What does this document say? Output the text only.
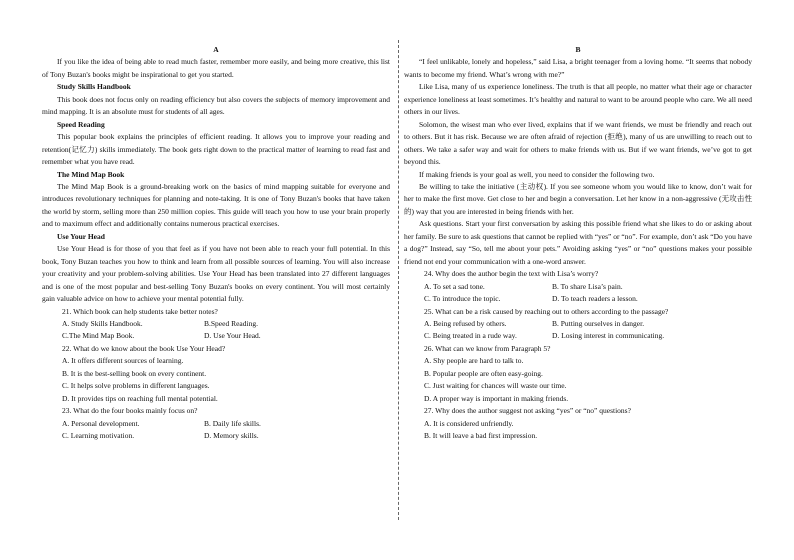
A

If you like the idea of being able to read much faster, remember more easily, and being more creative, this list of Tony Buzan's books might be inspirational to get you started.

Study Skills Handbook

This book does not focus only on reading efficiency but also covers the subjects of memory improvement and mind mapping. It is an absolute must for students of all ages.

Speed Reading

This popular book explains the principles of efficient reading. It allows you to improve your reading and retention(记忆力) skills immediately. The book gets right down to the practical matter of learning to read fast and remember what you have read.

The Mind Map Book

The Mind Map Book is a ground-breaking work on the basics of mind mapping suitable for everyone and introduces revolutionary techniques for planning and note-taking. It is one of Tony Buzan's books that have taken the world by storm, selling more than 250 million copies. This guide will teach you how to use your brain properly and to maximum effect and additionally contains numerous practical exercises.

Use Your Head

Use Your Head is for those of you that feel as if you have not been able to reach your full potential. In this book, Tony Buzan teaches you how to think and learn from all possible sources of learning. You will also increase your creativity and your problem-solving abilities. Use Your Head has been translated into 27 different languages and is one of the most popular and best-selling Tony Buzan's books on every continent. You will most certainly gain valuable advice on how to achieve your mental potential fully.

21. Which book can help students take better notes?
A. Study Skills Handbook.	B.Speed Reading.
C.The Mind Map Book.	D. Use Your Head.
22. What do we know about the book Use Your Head?
A. It offers different sources of learning.
B. It is the best-selling book on every continent.
C. It helps solve problems in different languages.
D. It provides tips on reaching full mental potential.
23. What do the four books mainly focus on?
A. Personal development.	B. Daily life skills.
C. Learning motivation.	D. Memory skills.
B

“I feel unlikable, lonely and hopeless,” said Lisa, a bright teenager from a loving home. “It seems that nobody wants to become my friend. What’s wrong with me?”

Like Lisa, many of us experience loneliness. The truth is that all people, no matter what their age or character experience loneliness at least sometimes. It’s healthy and natural to want to be around people who care. We all need others in our lives.

Solomon, the wisest man who ever lived, explains that if we want friends, we must be friendly and reach out to others. But it has risk. Because we are often afraid of rejection (拒绝), many of us are unwilling to reach out to others. We take a safer way and wait for others to make friends with us. But if we want friends, we’ve got to get beyond this.

If making friends is your goal as well, you need to consider the following two.

Be willing to take the initiative (主动权). If you see someone whom you would like to know, don’t wait for her to make the first move. Get close to her and begin a conversation. Let her know in a non-aggressive (无攻击性的) way that you are interested in being friends with her.

Ask questions. Start your first conversation by asking this possible friend what she likes to do or asking about her family. Be sure to ask questions that cannot be replied with “yes” or “no”. For example, don’t ask “Do you have a dog?” Instead, say “So, tell me about your pets.” Avoiding asking “yes” or “no” questions makes your possible friend not end your communication with a one-word answer.

24. Why does the author begin the text with Lisa’s worry?
A. To set a sad tone.	B. To share Lisa’s pain.
C. To introduce the topic.	D. To teach readers a lesson.
25. What can be a risk caused by reaching out to others according to the passage?
A. Being refused by others.	B. Putting ourselves in danger.
C. Being treated in a rude way.	D. Losing interest in communicating.
26. What can we know from Paragraph 5?
A. Shy people are hard to talk to.
B. Popular people are often easy-going.
C. Just waiting for chances will waste our time.
D. A proper way is important in making friends.
27. Why does the author suggest not asking “yes” or “no” questions?
A. It is considered unfriendly.
B. It will leave a bad first impression.
